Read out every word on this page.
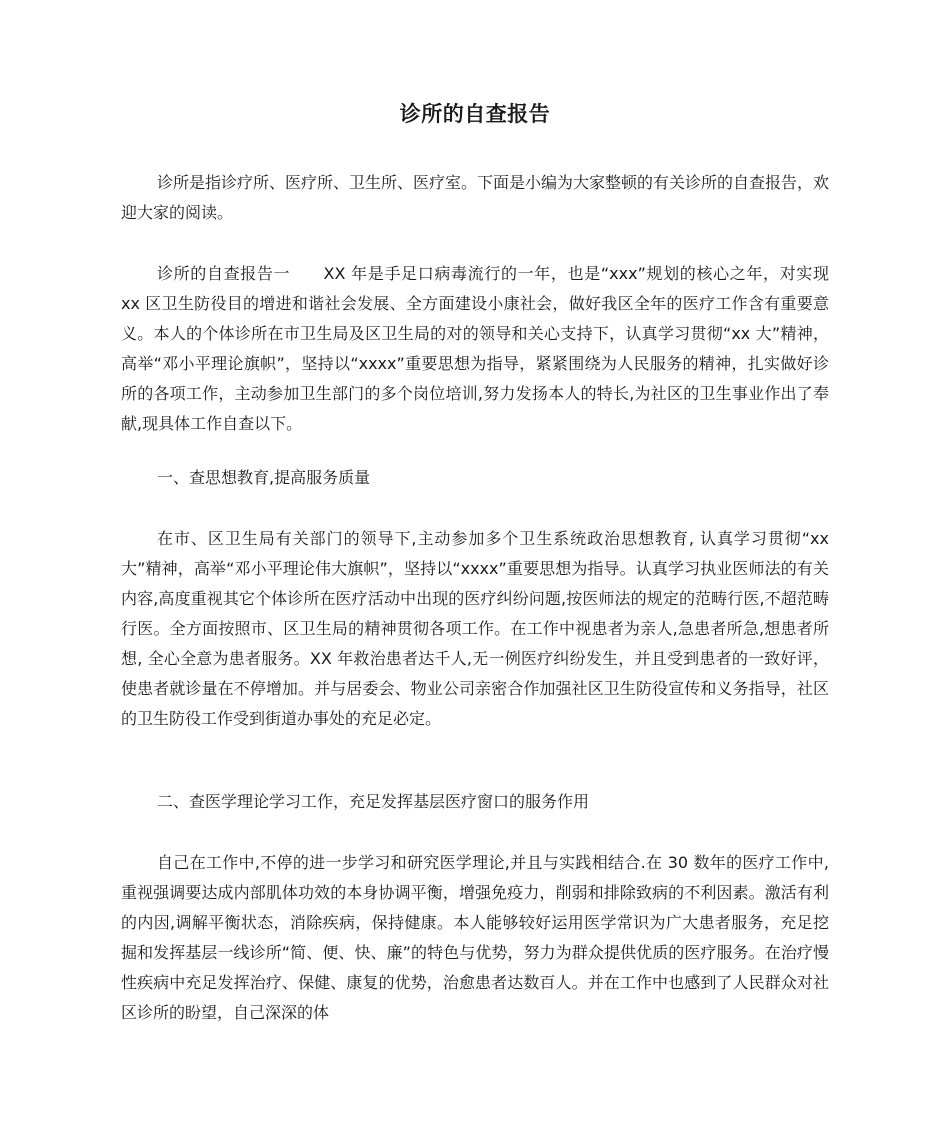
诊所的自查报告

诊所是指诊疗所、医疗所、卫生所、医疗室。下面是小编为大家整顿的有关诊所的自查报告，欢迎大家的阅读。

诊所的自查报告一　　XX 年是手足口病毒流行的一年，也是“xxx”规划的核心之年，对实现 xx 区卫生防役目的增进和谐社会发展、全方面建设小康社会，做好我区全年的医疗工作含有重要意义。本人的个体诊所在市卫生局及区卫生局的对的领导和关心支持下，认真学习贯彻“xx 大”精神，高举“邓小平理论旗帜”，坚持以“xxxx”重要思想为指导，紧紧围绕为人民服务的精神，扎实做好诊所的各项工作，主动参加卫生部门的多个岗位培训,努力发扬本人的特长,为社区的卫生事业作出了奉献,现具体工作自查以下。

一、查思想教育,提高服务质量

在市、区卫生局有关部门的领导下,主动参加多个卫生系统政治思想教育, 认真学习贯彻“xx 大”精神，高举“邓小平理论伟大旗帜”，坚持以“xxxx”重要思想为指导。认真学习执业医师法的有关内容,高度重视其它个体诊所在医疗活动中出现的医疗纠纷问题,按医师法的规定的范畴行医,不超范畴行医。全方面按照市、区卫生局的精神贯彻各项工作。在工作中视患者为亲人,急患者所急,想患者所想, 全心全意为患者服务。XX 年救治患者达千人,无一例医疗纠纷发生，并且受到患者的一致好评，使患者就诊量在不停增加。并与居委会、物业公司亲密合作加强社区卫生防役宣传和义务指导，社区的卫生防役工作受到街道办事处的充足必定。

二、查医学理论学习工作，充足发挥基层医疗窗口的服务作用

自己在工作中,不停的进一步学习和研究医学理论,并且与实践相结合.在 30 数年的医疗工作中,重视强调要达成内部肌体功效的本身协调平衡，增强免疫力，削弱和排除致病的不利因素。激活有利的内因,调解平衡状态，消除疾病，保持健康。本人能够较好运用医学常识为广大患者服务，充足挖掘和发挥基层一线诊所“简、便、快、廉”的特色与优势，努力为群众提供优质的医疗服务。在治疗慢性疾病中充足发挥治疗、保健、康复的优势，治愈患者达数百人。并在工作中也感到了人民群众对社区诊所的盼望，自己深深的体
